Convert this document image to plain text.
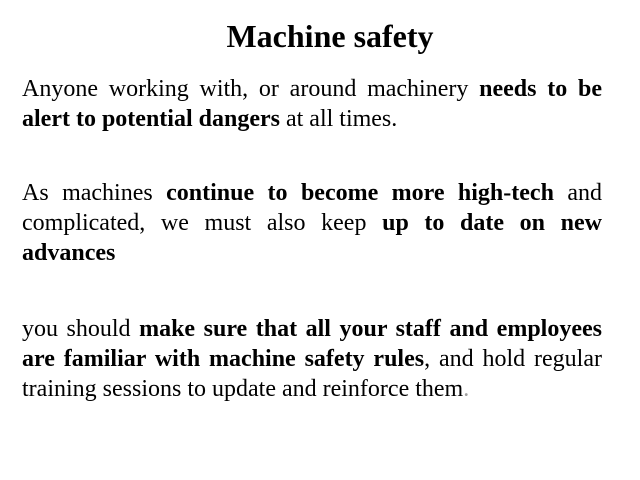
Machine safety

Anyone working with, or around machinery needs to be alert to potential dangers at all times.

As machines continue to become more high-tech and complicated, we must also keep up to date on new advances

you should make sure that all your staff and employees are familiar with machine safety rules, and hold regular training sessions to update and reinforce them.
